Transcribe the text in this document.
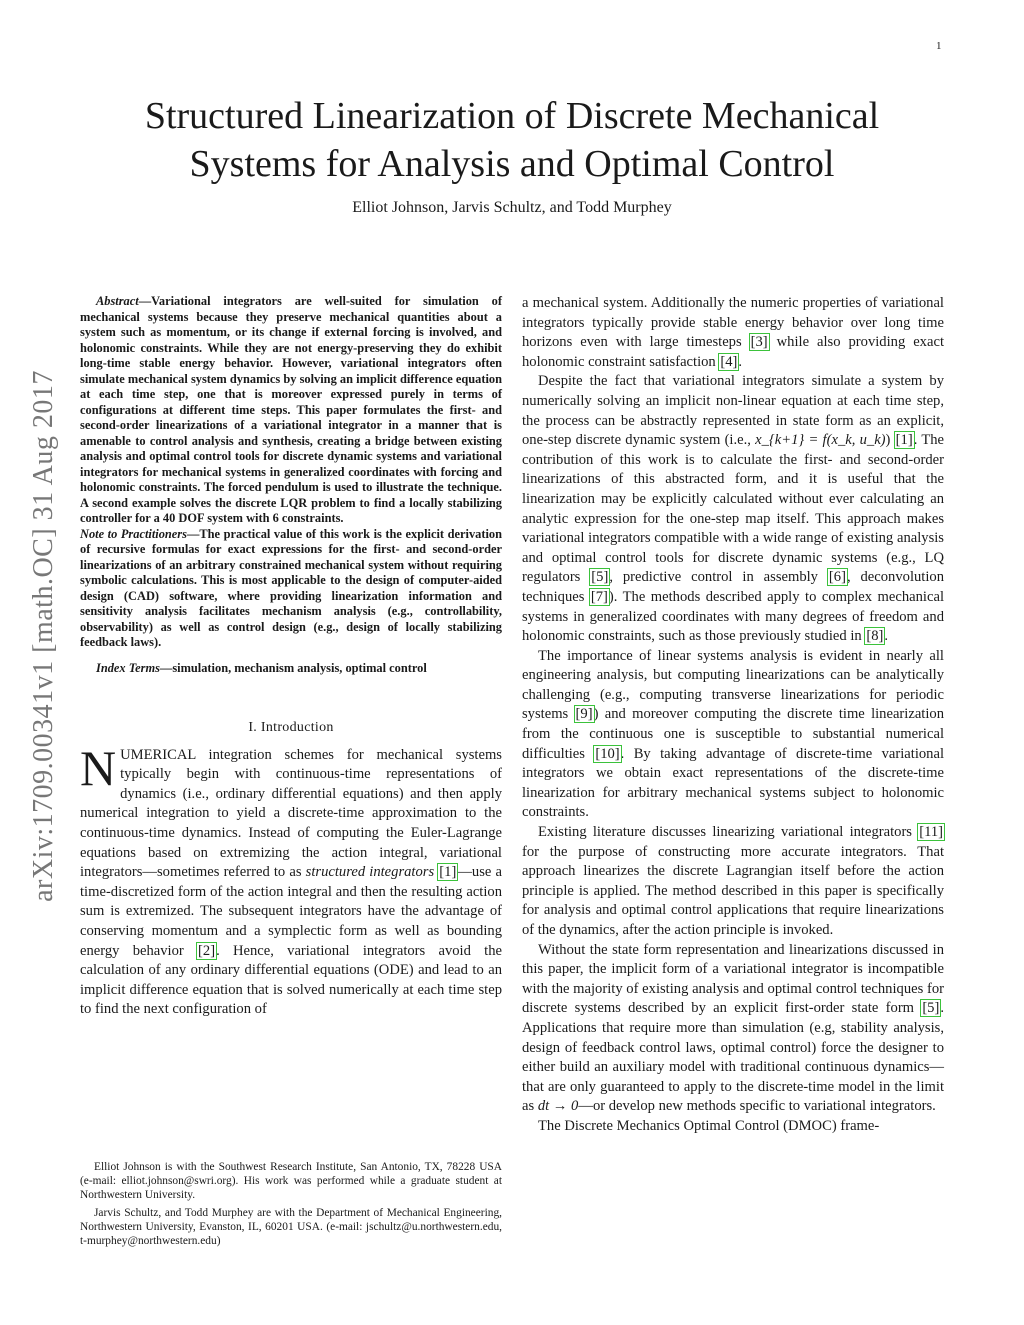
1
arXiv:1709.00341v1 [math.OC] 31 Aug 2017
Structured Linearization of Discrete Mechanical Systems for Analysis and Optimal Control
Elliot Johnson, Jarvis Schultz, and Todd Murphey

Abstract—Variational integrators are well-suited for simulation of mechanical systems because they preserve mechanical quantities about a system such as momentum, or its change if external forcing is involved, and holonomic constraints. While they are not energy-preserving they do exhibit long-time stable energy behavior. However, variational integrators often simulate mechanical system dynamics by solving an implicit difference equation at each time step, one that is moreover expressed purely in terms of configurations at different time steps. This paper formulates the first- and second-order linearizations of a variational integrator in a manner that is amenable to control analysis and synthesis, creating a bridge between existing analysis and optimal control tools for discrete dynamic systems and variational integrators for mechanical systems in generalized coordinates with forcing and holonomic constraints. The forced pendulum is used to illustrate the technique. A second example solves the discrete LQR problem to find a locally stabilizing controller for a 40 DOF system with 6 constraints.

Note to Practitioners—The practical value of this work is the explicit derivation of recursive formulas for exact expressions for the first- and second-order linearizations of an arbitrary constrained mechanical system without requiring symbolic calculations. This is most applicable to the design of computer-aided design (CAD) software, where providing linearization information and sensitivity analysis facilitates mechanism analysis (e.g., controllability, observability) as well as control design (e.g., design of locally stabilizing feedback laws).

Index Terms—simulation, mechanism analysis, optimal control

I. Introduction

NUMERICAL integration schemes for mechanical systems typically begin with continuous-time representations of dynamics (i.e., ordinary differential equations) and then apply numerical integration to yield a discrete-time approximation to the continuous-time dynamics. Instead of computing the Euler-Lagrange equations based on extremizing the action integral, variational integrators—sometimes referred to as structured integrators [1]—use a time-discretized form of the action integral and then the resulting action sum is extremized. The subsequent integrators have the advantage of conserving momentum and a symplectic form as well as bounding energy behavior [2]. Hence, variational integrators avoid the calculation of any ordinary differential equations (ODE) and lead to an implicit difference equation that is solved numerically at each time step to find the next configuration of

Elliot Johnson is with the Southwest Research Institute, San Antonio, TX, 78228 USA (e-mail: elliot.johnson@swri.org). His work was performed while a graduate student at Northwestern University.

Jarvis Schultz, and Todd Murphey are with the Department of Mechanical Engineering, Northwestern University, Evanston, IL, 60201 USA. (e-mail: jschultz@u.northwestern.edu, t-murphey@northwestern.edu)

a mechanical system. Additionally the numeric properties of variational integrators typically provide stable energy behavior over long time horizons even with large timesteps [3] while also providing exact holonomic constraint satisfaction [4].

Despite the fact that variational integrators simulate a system by numerically solving an implicit non-linear equation at each time step, the process can be abstractly represented in state form as an explicit, one-step discrete dynamic system (i.e., x_{k+1} = f(x_k, u_k)) [1]. The contribution of this work is to calculate the first- and second-order linearizations of this abstracted form, and it is useful that the linearization may be explicitly calculated without ever calculating an analytic expression for the one-step map itself. This approach makes variational integrators compatible with a wide range of existing analysis and optimal control tools for discrete dynamic systems (e.g., LQ regulators [5], predictive control in assembly [6], deconvolution techniques [7]). The methods described apply to complex mechanical systems in generalized coordinates with many degrees of freedom and holonomic constraints, such as those previously studied in [8].

The importance of linear systems analysis is evident in nearly all engineering analysis, but computing linearizations can be analytically challenging (e.g., computing transverse linearizations for periodic systems [9]) and moreover computing the discrete time linearization from the continuous one is susceptible to substantial numerical difficulties [10]. By taking advantage of discrete-time variational integrators we obtain exact representations of the discrete-time linearization for arbitrary mechanical systems subject to holonomic constraints.

Existing literature discusses linearizing variational integrators [11] for the purpose of constructing more accurate integrators. That approach linearizes the discrete Lagrangian itself before the action principle is applied. The method described in this paper is specifically for analysis and optimal control applications that require linearizations of the dynamics, after the action principle is invoked.

Without the state form representation and linearizations discussed in this paper, the implicit form of a variational integrator is incompatible with the majority of existing analysis and optimal control techniques for discrete systems described by an explicit first-order state form [5]. Applications that require more than simulation (e.g, stability analysis, design of feedback control laws, optimal control) force the designer to either build an auxiliary model with traditional continuous dynamics—that are only guaranteed to apply to the discrete-time model in the limit as dt → 0—or develop new methods specific to variational integrators.

The Discrete Mechanics Optimal Control (DMOC) frame-
